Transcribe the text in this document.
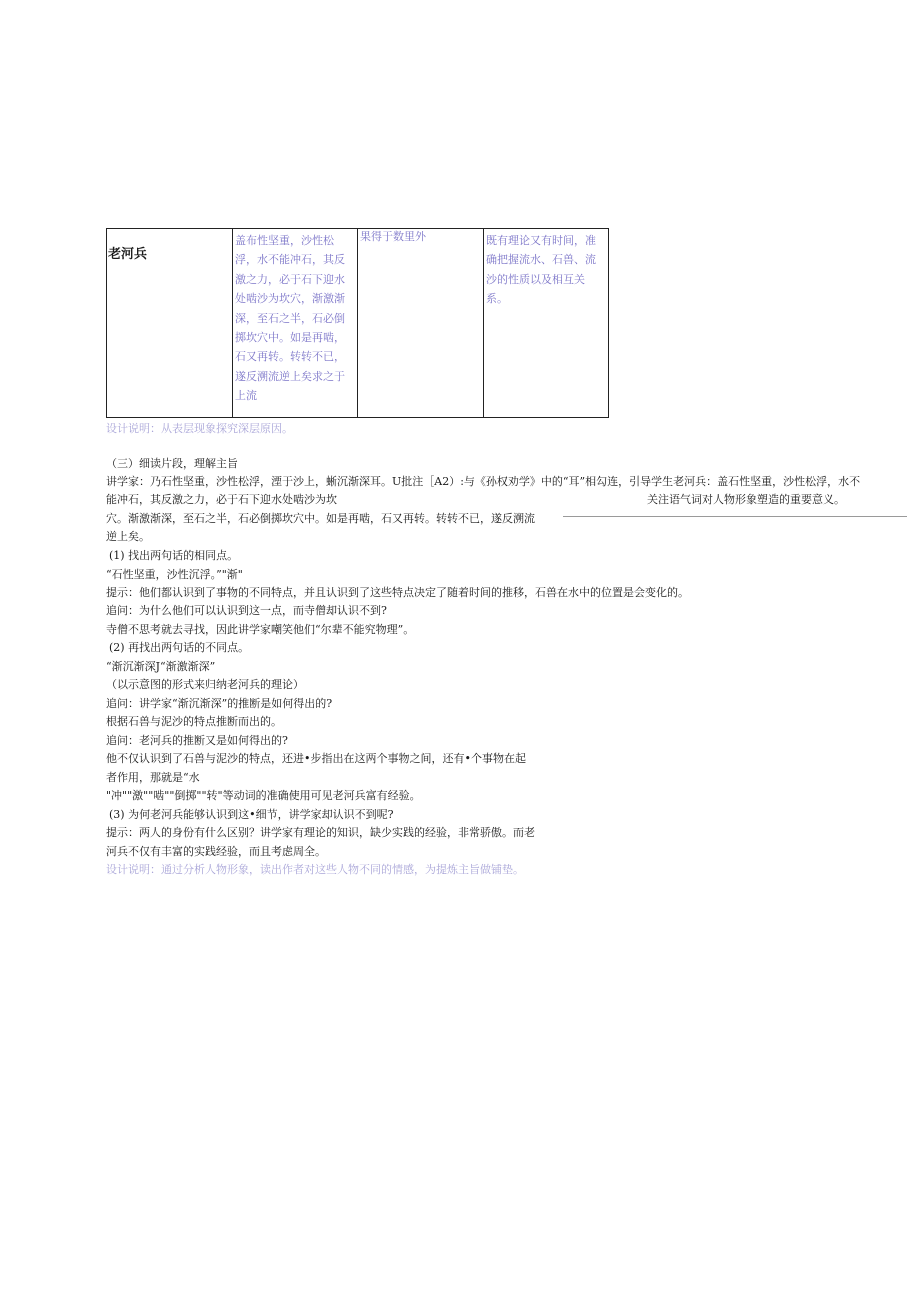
老河兵
盖布性坚重，沙性松浮，水不能冲石，其反激之力，必于石下迎水处啮沙为坎穴，渐激渐深，至石之半，石必倒掷坎穴中。如是再啮，石又再转。转转不已，遂反溯流逆上矣求之于上流
果得于数里外	既有理论又有时间，准确把握流水、石兽、流沙的性质以及相互关系。
设计说明：从表层现象探究深层原因。
（三）细读片段，理解主旨
讲学家：乃石性坚重，沙性松浮，湮于沙上，蜥沉渐深耳。U批注［A2）:与《孙权劝学》中的“耳”相勾连，引导学生老河兵：盖石性坚重，沙性松浮，水不
能冲石，其反激之力，必于石下迎水处啮沙为坎	关注语气词对人物形象塑造的重要意义。
穴。渐激渐深，至石之半，石必倒掷坎穴中。如是再啮，石又再转。转转不已，遂反溯流
逆上矣。
(1) 找出两句话的相同点。
“石性坚重，沙性沉浮。”"渐"
提示：他们都认识到了事物的不同特点，并且认识到了这些特点决定了随着时间的推移，石兽在水中的位置是会变化的。
追问：为什么他们可以认识到这一点，而寺僧却认识不到?
寺僧不思考就去寻找，因此讲学家嘲笑他们“尔辈不能究物理”。
(2) 再找出两句话的不同点。
“渐沉渐深J“渐激渐深”
（以示意图的形式来归纳老河兵的理论）
追问：讲学家“渐沉渐深”的推断是如何得出的?
根据石兽与泥沙的特点推断而出的。
追问：老河兵的推断又是如何得出的?
他不仅认识到了石兽与泥沙的特点，还进•步指出在这两个事物之间，还有•个事物在起
者作用，那就是“水
"冲""激""啮""倒掷""转"等动词的准确使用可见老河兵富有经验。
(3) 为何老河兵能够认识到这•细节，讲学家却认识不到呢?
提示：两人的身份有什么区别？讲学家有理论的知识，缺少实践的经验，非常骄傲。而老
河兵不仅有丰富的实践经验，而且考虑周全。
设计说明：通过分析人物形象，读出作者对这些人物不同的情感，为提炼主旨做铺垫。
